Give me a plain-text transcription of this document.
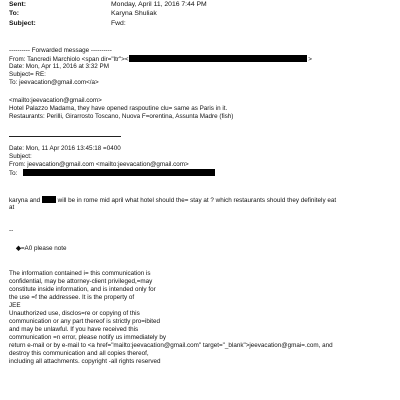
Sent:	Monday, April 11, 2016 7:44 PM
To:	Karyna Shuliak
Subject:	Fwd:
---------- Forwarded message ----------
From: Tancredi Marchiolo <span dir="ltr"><	>
Date: Mon, Apr 11, 2016 at 3:32 PM
Subject= RE:
To: jeevacation@gmail.com</a>
<mailto:jeevacation@gmail.com>
Hotel Palazzo Madama, they have opened raspoutine clu= same as Paris in it.
Restaurants: Perilli, Girarrosto Toscano, Nuova F=orentina, Assunta Madre (fish)
Date: Mon, 11 Apr 2016 13:45:18 =0400
Subject:
From: jeevacation@gmail.com <mailto:jeevacation@gmail.com>
To:
karyna and	will be in rome mid april what hotel should the= stay at ? which restaurants should they definitely eat
at
--
◆=A0 please note
The information contained i= this communication is
confidential, may be attorney-client privileged,=may
constitute inside information, and is intended only for
the use =f the addressee. It is the property of
JEE
Unauthorized use, disclos=re or copying of this
communication or any part thereof is strictly pro=ibited
and may be unlawful. If you have received this
communication =n error, please notify us immediately by
return e-mail or by e-mail to <a href="mailto:jeevacation@gmail.com" target="_blank">jeevacation@gmai=.com, and
destroy this communication and all copies thereof,
including all attachments. copyright -all rights reserved
